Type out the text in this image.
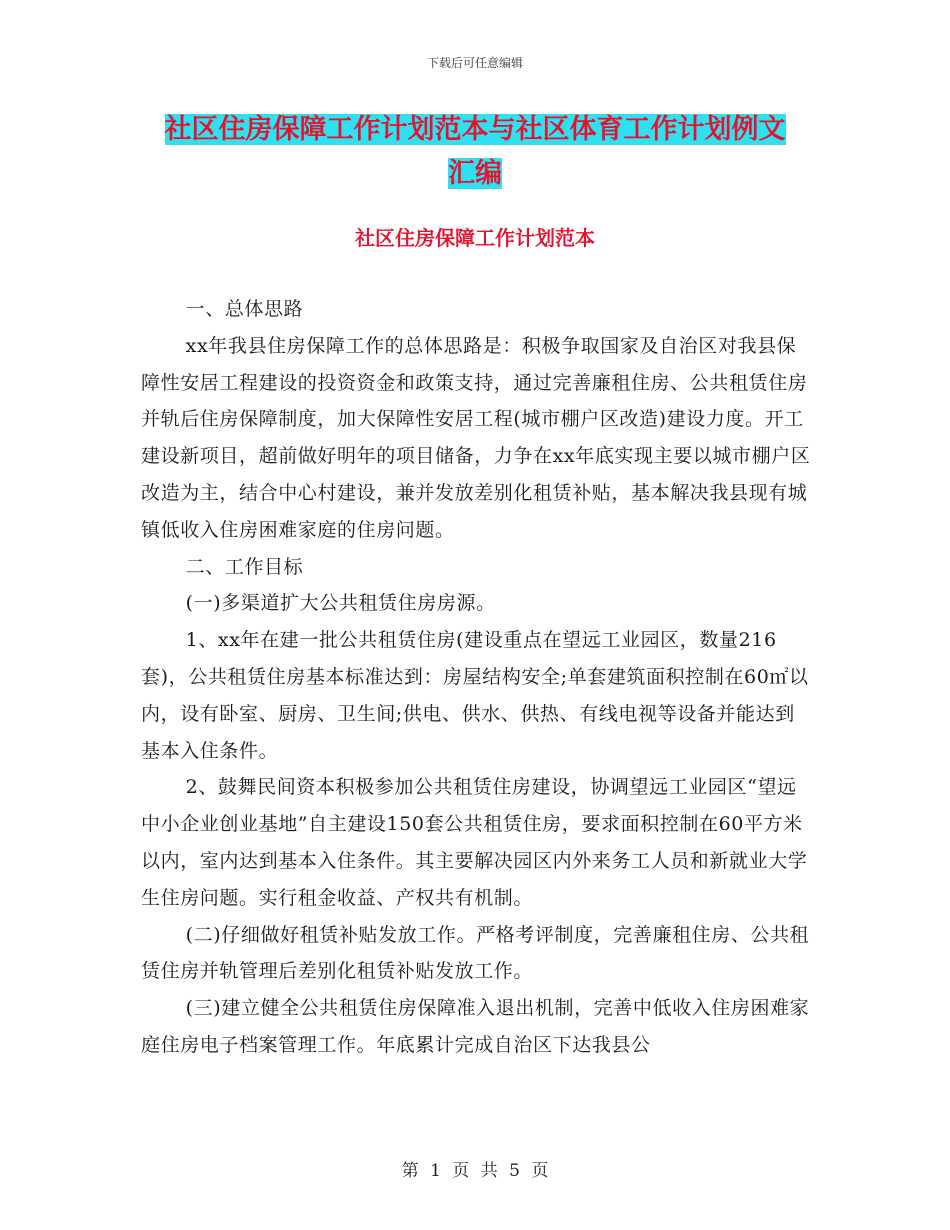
下载后可任意编辑
社区住房保障工作计划范本与社区体育工作计划例文
汇编
社区住房保障工作计划范本

一、总体思路

xx年我县住房保障工作的总体思路是：积极争取国家及自治区对我县保障性安居工程建设的投资资金和政策支持，通过完善廉租住房、公共租赁住房并轨后住房保障制度，加大保障性安居工程(城市棚户区改造)建设力度。开工建设新项目，超前做好明年的项目储备，力争在xx年底实现主要以城市棚户区改造为主，结合中心村建设，兼并发放差别化租赁补贴，基本解决我县现有城镇低收入住房困难家庭的住房问题。

二、工作目标

(一)多渠道扩大公共租赁住房房源。

1、xx年在建一批公共租赁住房(建设重点在望远工业园区，数量216套)，公共租赁住房基本标准达到：房屋结构安全;单套建筑面积控制在60㎡以内，设有卧室、厨房、卫生间;供电、供水、供热、有线电视等设备并能达到基本入住条件。

2、鼓舞民间资本积极参加公共租赁住房建设，协调望远工业园区“望远中小企业创业基地”自主建设150套公共租赁住房，要求面积控制在60平方米以内，室内达到基本入住条件。其主要解决园区内外来务工人员和新就业大学生住房问题。实行租金收益、产权共有机制。

(二)仔细做好租赁补贴发放工作。严格考评制度，完善廉租住房、公共租赁住房并轨管理后差别化租赁补贴发放工作。

(三)建立健全公共租赁住房保障准入退出机制，完善中低收入住房困难家庭住房电子档案管理工作。年底累计完成自治区下达我县公

第 1 页 共 5 页
